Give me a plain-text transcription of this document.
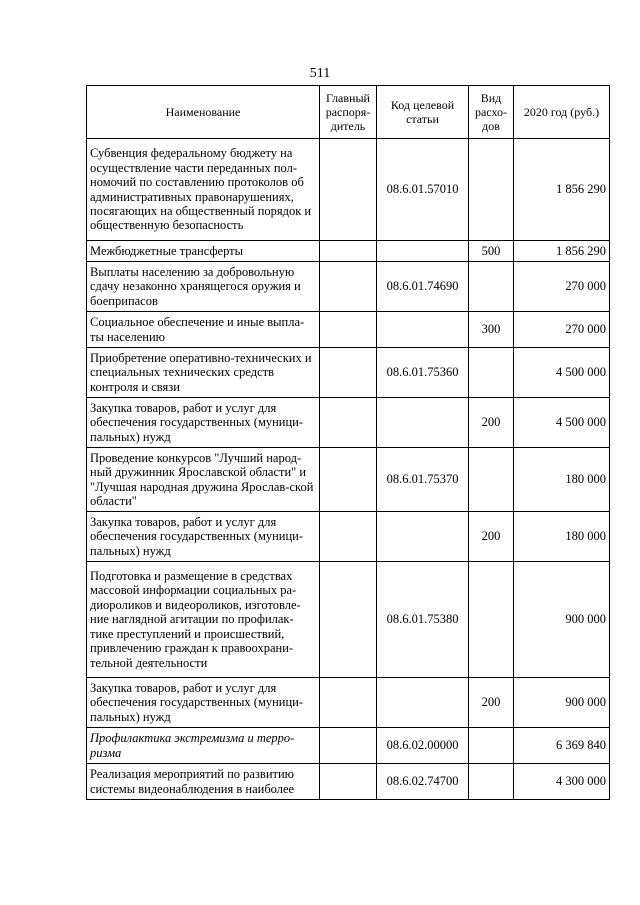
511
Наименование	Главный распоря-дитель	Код целевой статьи	Вид расхо-дов	2020 год (руб.)
Субвенция федеральному бюджету на осуществление части переданных пол-номочий по составлению протоколов об административных правонарушениях, посягающих на общественный порядок и общественную безопасность		08.6.01.57010		1 856 290
Межбюджетные трансферты			500	1 856 290
Выплаты населению за добровольную сдачу незаконно хранящегося оружия и боеприпасов		08.6.01.74690		270 000
Социальное обеспечение и иные выпла-ты населению			300	270 000
Приобретение оперативно-технических и специальных технических средств контроля и связи		08.6.01.75360		4 500 000
Закупка товаров, работ и услуг для обеспечения государственных (муници-пальных) нужд			200	4 500 000
Проведение конкурсов "Лучший народ-ный дружинник Ярославской области" и "Лучшая народная дружина Ярослав-ской области"		08.6.01.75370		180 000
Закупка товаров, работ и услуг для обеспечения государственных (муници-пальных) нужд			200	180 000
Подготовка и размещение в средствах массовой информации социальных ра-диороликов и видеороликов, изготовле-ние наглядной агитации по профилак-тике преступлений и происшествий, привлечению граждан к правоохрани-тельной деятельности		08.6.01.75380		900 000
Закупка товаров, работ и услуг для обеспечения государственных (муници-пальных) нужд			200	900 000
Профилактика экстремизма и терро-ризма		08.6.02.00000		6 369 840
Реализация мероприятий по развитию системы видеонаблюдения в наиболее		08.6.02.74700		4 300 000
